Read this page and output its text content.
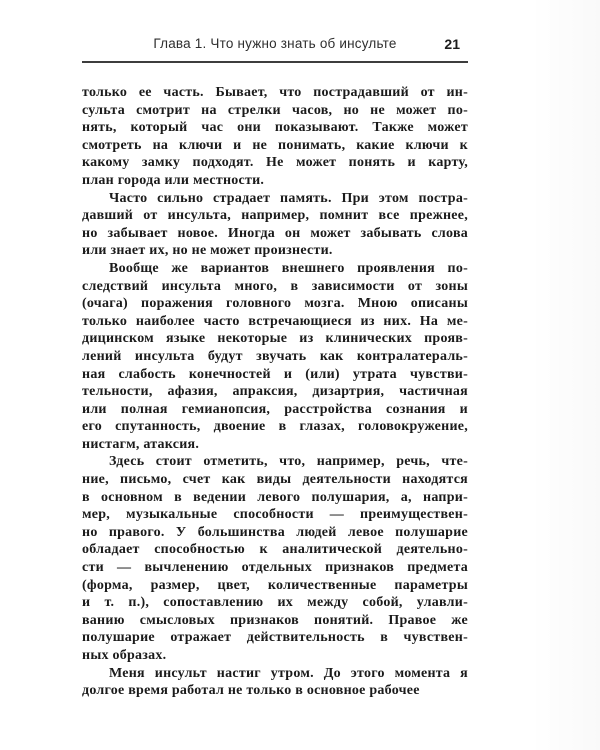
Глава 1. Что нужно знать об инсульте	21
только ее часть. Бывает, что пострадавший от ин-
сульта смотрит на стрелки часов, но не может по-
нять, который час они показывают. Также может
смотреть на ключи и не понимать, какие ключи к
какому замку подходят. Не может понять и карту,
план города или местности.
Часто сильно страдает память. При этом постра-
давший от инсульта, например, помнит все прежнее,
но забывает новое. Иногда он может забывать слова
или знает их, но не может произнести.
Вообще же вариантов внешнего проявления по-
следствий инсульта много, в зависимости от зоны
(очага) поражения головного мозга. Мною описаны
только наиболее часто встречающиеся из них. На ме-
дицинском языке некоторые из клинических прояв-
лений инсульта будут звучать как контралатераль-
ная слабость конечностей и (или) утрата чувстви-
тельности, афазия, апраксия, дизартрия, частичная
или полная гемианопсия, расстройства сознания и
его спутанность, двоение в глазах, головокружение,
нистагм, атаксия.
Здесь стоит отметить, что, например, речь, чте-
ние, письмо, счет как виды деятельности находятся
в основном в ведении левого полушария, а, напри-
мер, музыкальные способности — преимуществен-
но правого. У большинства людей левое полушарие
обладает способностью к аналитической деятельно-
сти — вычленению отдельных признаков предмета
(форма, размер, цвет, количественные параметры
и т. п.), сопоставлению их между собой, улавли-
ванию смысловых признаков понятий. Правое же
полушарие отражает действительность в чувствен-
ных образах.
Меня инсульт настиг утром. До этого момента я
долгое время работал не только в основное рабочее
